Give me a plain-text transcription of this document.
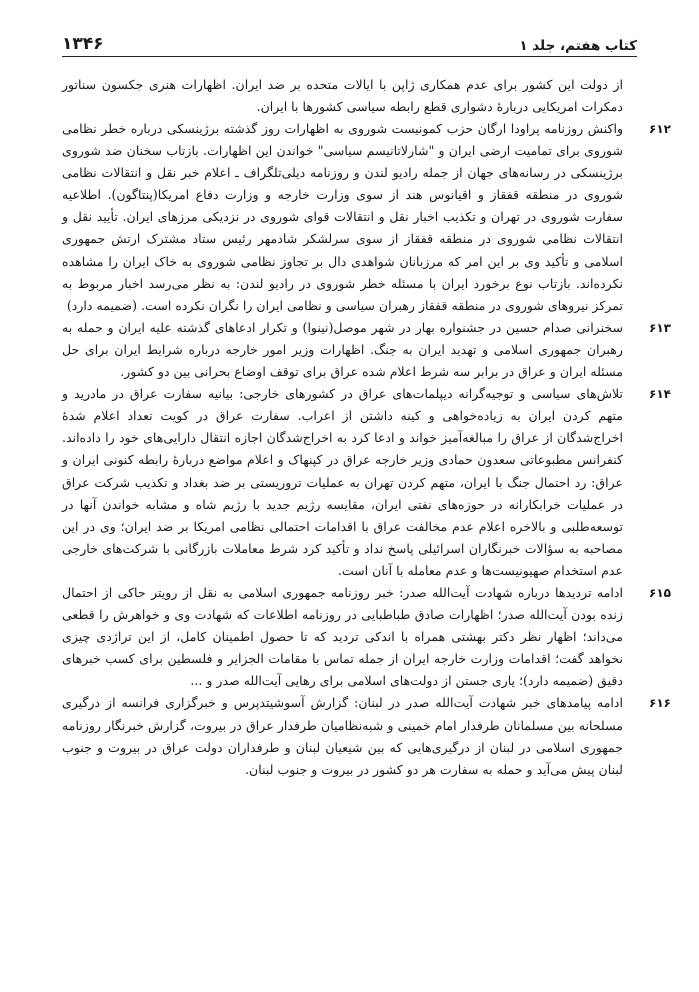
کتاب هفتم، جلد ۱
۱۳۴۶
از دولت این کشور برای عدم همکاری ژاپن با ایالات متحده بر ضد ایران. اظهارات هنری جکسون سناتور دمکرات امریکایی دربارهٔ دشواری قطع رابطه سیاسی کشورها با ایران.
۶۱۲
واکنش روزنامه پراودا ارگان حزب کمونیست شوروی به اظهارات روز گذشته برژینسکی درباره خطر نظامی شوروی برای تمامیت ارضی ایران و "شارلاتانیسم سیاسی" خواندن این اظهارات. بازتاب سخنان ضد شوروی برژینسکی در رسانه‌های جهان از جمله رادیو لندن و روزنامه دیلی‌تلگراف ـ اعلام خبر نقل و انتقالات نظامی شوروی در منطقه قفقاز و اقیانوس هند از سوی وزارت خارجه و وزارت دفاع امریکا(پنتاگون). اطلاعیه سفارت شوروی در تهران و تکذیب اخبار نقل و انتقالات قوای شوروی در نزدیکی مرزهای ایران. تأیید نقل و انتقالات نظامی شوروی در منطقه قفقاز از سوی سرلشکر شادمهر رئیس ستاد مشترک ارتش جمهوری اسلامی و تأکید وی بر این امر که مرزبانان شواهدی دال بر تجاوز نظامی شوروی به خاک ایران را مشاهده نکرده‌اند. بازتاب نوع برخورد ایران با مسئله خطر شوروی در رادیو لندن: به نظر می‌رسد اخبار مربوط به تمرکز نیروهای شوروی در منطقه قفقاز رهبران سیاسی و نظامی ایران را نگران نکرده است. (ضمیمه دارد)
۶۱۳
سخنرانی صدام حسین در جشنواره بهار در شهر موصل(نینوا) و تکرار ادعاهای گذشته علیه ایران و حمله به رهبران جمهوری اسلامی و تهدید ایران به جنگ. اظهارات وزیر امور خارجه درباره شرایط ایران برای حل مسئله ایران و عراق در برابر سه شرط اعلام شده عراق برای توقف اوضاع بحرانی بین دو کشور.
۶۱۴
تلاش‌های سیاسی و توجیه‌گرانه دیپلمات‌های عراق در کشورهای خارجی: بیانیه سفارت عراق در مادرید و متهم کردن ایران به زیاده‌خواهی و کینه داشتن از اعراب. سفارت عراق در کویت تعداد اعلام شدهٔ اخراج‌شدگان از عراق را مبالغه‌آمیز خواند و ادعا کرد به اخراج‌شدگان اجازه انتقال دارایی‌های خود را داده‌اند. کنفرانس مطبوعاتی سعدون حمادی وزیر خارجه عراق در کپنهاک و اعلام مواضع دربارهٔ رابطه کنونی ایران و عراق: رد احتمال جنگ با ایران، متهم کردن تهران به عملیات تروریستی بر ضد بغداد و تکذیب شرکت عراق در عملیات خرابکارانه در حوزه‌های نفتی ایران، مقایسه رژیم جدید با رژیم شاه و مشابه خواندن آنها در توسعه‌طلبی و بالاخره اعلام عدم مخالفت عراق با اقدامات احتمالی نظامی امریکا بر ضد ایران؛ وی در این مصاحبه به سؤالات خبرنگاران اسرائیلی پاسخ نداد و تأکید کرد شرط معاملات بازرگانی با شرکت‌های خارجی عدم استخدام صهیونیست‌ها و عدم معامله با آنان است.
۶۱۵
ادامه تردیدها درباره شهادت آیت‌الله صدر: خبر روزنامه جمهوری اسلامی به نقل از رویتر حاکی از احتمال زنده بودن آیت‌الله صدر؛ اظهارات صادق طباطبایی در روزنامه اطلاعات که شهادت وی و خواهرش را قطعی می‌داند؛ اظهار نظر دکتر بهشتی همراه با اندکی تردید که تا حصول اطمینان کامل، از این تراژدی چیزی نخواهد گفت؛ اقدامات وزارت خارجه ایران از جمله تماس با مقامات الجزایر و فلسطین برای کسب خبرهای دقیق (ضمیمه دارد)؛ یاری جستن از دولت‌های اسلامی برای رهایی آیت‌الله صدر و ...
۶۱۶
ادامه پیامدهای خبر شهادت آیت‌الله صدر در لبنان: گزارش آسوشیتدپرس و خبرگزاری فرانسه از درگیری مسلحانه بین مسلمانان طرفدار امام خمینی و شبه‌نظامیان طرفدار عراق در بیروت، گزارش خبرنگار روزنامه جمهوری اسلامی در لبنان از درگیری‌هایی که بین شیعیان لبنان و طرفداران دولت عراق در بیروت و جنوب لبنان پیش می‌آید و حمله به سفارت هر دو کشور در بیروت و جنوب لبنان.
